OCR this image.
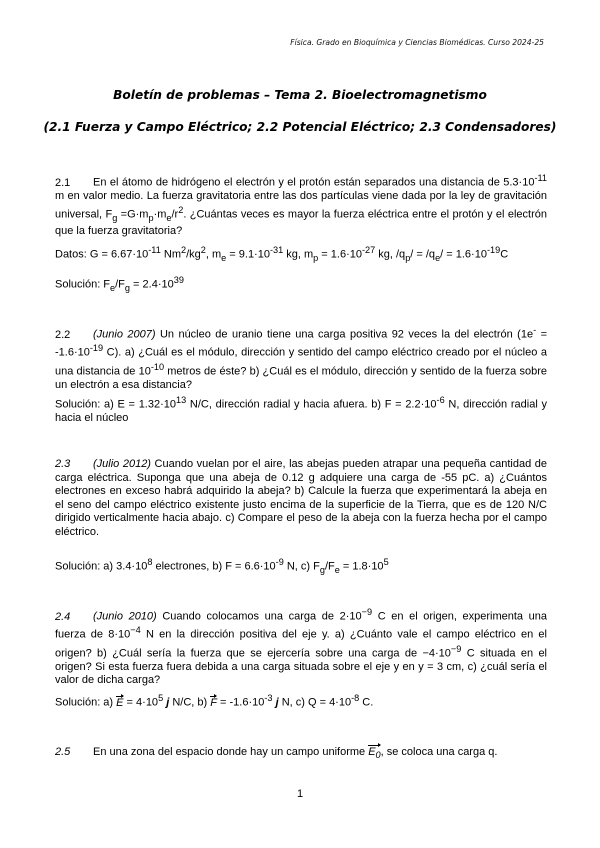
Física. Grado en Bioquímica y Ciencias Biomédicas. Curso 2024-25
Boletín de problemas – Tema 2. Bioelectromagnetismo
(2.1 Fuerza y Campo Eléctrico; 2.2 Potencial Eléctrico; 2.3 Condensadores)
2.1 En el átomo de hidrógeno el electrón y el protón están separados una distancia de $5.3\cdot 10^{-11}$ m en valor medio. La fuerza gravitatoria entre las dos partículas viene dada por la ley de gravitación universal, $F_g =G\cdot m_p\cdot m_e/r^2$. ¿Cuántas veces es mayor la fuerza eléctrica entre el protón y el electrón que la fuerza gravitatoria?
Datos: $G = 6.67\cdot 10^{-11}$ $Nm^2/kg^2$, $m_e = 9.1\cdot 10^{-31}$ kg, $m_p = 1.6\cdot 10^{-27}$ kg, $/q_p/ = /q_e/ = 1.6\cdot 10^{-19}C$
Solución: $F_e/F_g = 2.4\cdot 10^{39}$
2.2 (Junio 2007) Un núcleo de uranio tiene una carga positiva 92 veces la del electrón ($1e^- = -1.6\cdot 10^{-19}$ C). a) ¿Cuál es el módulo, dirección y sentido del campo eléctrico creado por el núcleo a una distancia de $10^{-10}$ metros de éste? b) ¿Cuál es el módulo, dirección y sentido de la fuerza sobre un electrón a esa distancia?
Solución: a) $E = 1.32\cdot 10^{13}$ N/C, dirección radial y hacia afuera. b) $F = 2.2\cdot 10^{-6}$ N, dirección radial y hacia el núcleo
2.3 (Julio 2012) Cuando vuelan por el aire, las abejas pueden atrapar una pequeña cantidad de carga eléctrica. Suponga que una abeja de 0.12 g adquiere una carga de -55 pC. a) ¿Cuántos electrones en exceso habrá adquirido la abeja? b) Calcule la fuerza que experimentará la abeja en el seno del campo eléctrico existente justo encima de la superficie de la Tierra, que es de 120 N/C dirigido verticalmente hacia abajo. c) Compare el peso de la abeja con la fuerza hecha por el campo eléctrico.
Solución: a) $3.4\cdot 10^8$ electrones, b) $F = 6.6\cdot 10^{-9}$ N, c) $F_g/F_e = 1.8\cdot 10^5$
2.4 (Junio 2010) Cuando colocamos una carga de $2\cdot 10^{-9}$ C en el origen, experimenta una fuerza de $8\cdot 10^{-4}$ N en la dirección positiva del eje y. a) ¿Cuánto vale el campo eléctrico en el origen? b) ¿Cuál sería la fuerza que se ejercería sobre una carga de $-4\cdot 10^{-9}$ C situada en el origen? Si esta fuerza fuera debida a una carga situada sobre el eje y en y = 3 cm, c) ¿cuál sería el valor de dicha carga?
Solución: a) $E = 4\cdot 10^5$ j N/C, b) $F = -1.6\cdot 10^{-3}$ j N, c) $Q = 4\cdot 10^{-8}$ C.
2.5 En una zona del espacio donde hay un campo uniforme $E_0$, se coloca una carga q.
1
